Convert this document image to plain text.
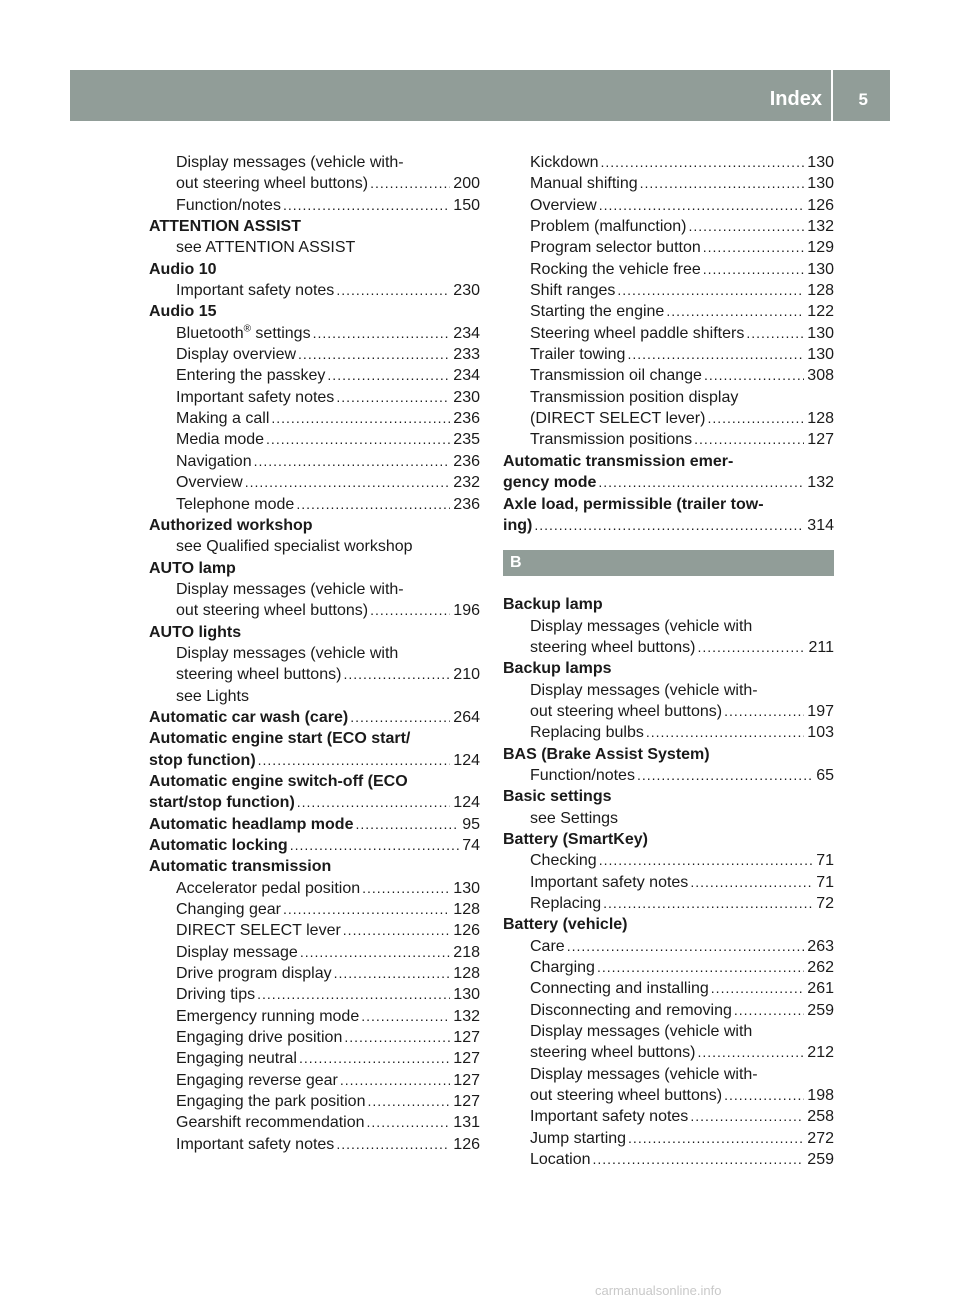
Index 5
Display messages (vehicle with-
out steering wheel buttons) .....	200
Function/notes .....	150
ATTENTION ASSIST
see ATTENTION ASSIST
Audio 10
Important safety notes .....	230
Audio 15
Bluetooth® settings .....	234
Display overview .....	233
Entering the passkey .....	234
Important safety notes .....	230
Making a call .....	236
Media mode .....	235
Navigation .....	236
Overview .....	232
Telephone mode .....	236
Authorized workshop
see Qualified specialist workshop
AUTO lamp
Display messages (vehicle with-
out steering wheel buttons) .....	196
AUTO lights
Display messages (vehicle with
steering wheel buttons) .....	210
see Lights
Automatic car wash (care) .....	264
Automatic engine start (ECO start/
stop function) .....	124
Automatic engine switch-off (ECO
start/stop function) .....	124
Automatic headlamp mode .....	95
Automatic locking .....	74
Automatic transmission
Accelerator pedal position .....	130
Changing gear .....	128
DIRECT SELECT lever .....	126
Display message .....	218
Drive program display .....	128
Driving tips .....	130
Emergency running mode .....	132
Engaging drive position .....	127
Engaging neutral .....	127
Engaging reverse gear .....	127
Engaging the park position .....	127
Gearshift recommendation .....	131
Important safety notes .....	126
Kickdown .....	130
Manual shifting .....	130
Overview .....	126
Problem (malfunction) .....	132
Program selector button .....	129
Rocking the vehicle free .....	130
Shift ranges .....	128
Starting the engine .....	122
Steering wheel paddle shifters .....	130
Trailer towing .....	130
Transmission oil change .....	308
Transmission position display
(DIRECT SELECT lever) .....	128
Transmission positions .....	127
Automatic transmission emer-
gency mode .....	132
Axle load, permissible (trailer tow-
ing) .....	314
B
Backup lamp
Display messages (vehicle with
steering wheel buttons) .....	211
Backup lamps
Display messages (vehicle with-
out steering wheel buttons) .....	197
Replacing bulbs .....	103
BAS (Brake Assist System)
Function/notes .....	65
Basic settings
see Settings
Battery (SmartKey)
Checking .....	71
Important safety notes .....	71
Replacing .....	72
Battery (vehicle)
Care .....	263
Charging .....	262
Connecting and installing .....	261
Disconnecting and removing .....	259
Display messages (vehicle with
steering wheel buttons) .....	212
Display messages (vehicle with-
out steering wheel buttons) .....	198
Important safety notes .....	258
Jump starting .....	272
Location .....	259
carmanualsonline.info
